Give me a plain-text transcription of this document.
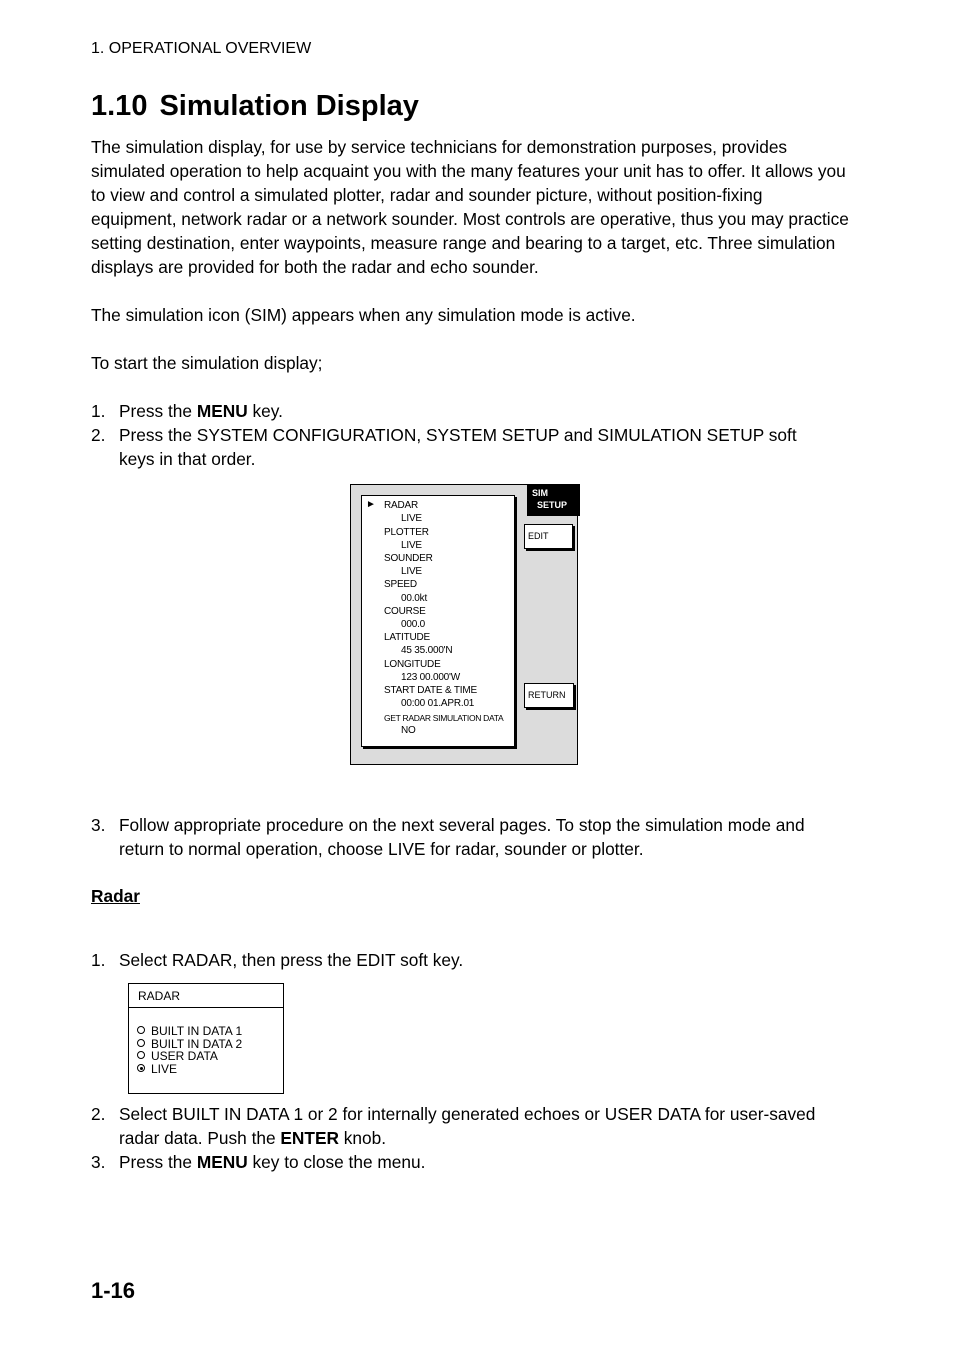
1. OPERATIONAL OVERVIEW
1.10 Simulation Display

The simulation display, for use by service technicians for demonstration purposes, provides simulated operation to help acquaint you with the many features your unit has to offer. It allows you to view and control a simulated plotter, radar and sounder picture, without position-fixing equipment, network radar or a network sounder. Most controls are operative, thus you may practice setting destination, enter waypoints, measure range and bearing to a target, etc. Three simulation displays are provided for both the radar and echo sounder.

The simulation icon (SIM) appears when any simulation mode is active.

To start the simulation display;

1. Press the MENU key.
2. Press the SYSTEM CONFIGURATION, SYSTEM SETUP and SIMULATION SETUP soft keys in that order.
► RADAR
LIVE
PLOTTER
LIVE
SOUNDER
LIVE
SPEED
00.0kt
COURSE
000.0
LATITUDE
45 35.000'N
LONGITUDE
123 00.000'W
START DATE & TIME
00:00 01.APR.01
GET RADAR SIMULATION DATA
NO
SIM
SETUP
EDIT
RETURN
3. Follow appropriate procedure on the next several pages. To stop the simulation mode and return to normal operation, choose LIVE for radar, sounder or plotter.
Radar
1. Select RADAR, then press the EDIT soft key.
RADAR
BUILT IN DATA 1
BUILT IN DATA 2
USER DATA
LIVE
2. Select BUILT IN DATA 1 or 2 for internally generated echoes or USER DATA for user-saved radar data. Push the ENTER knob.
3. Press the MENU key to close the menu.
1-16
